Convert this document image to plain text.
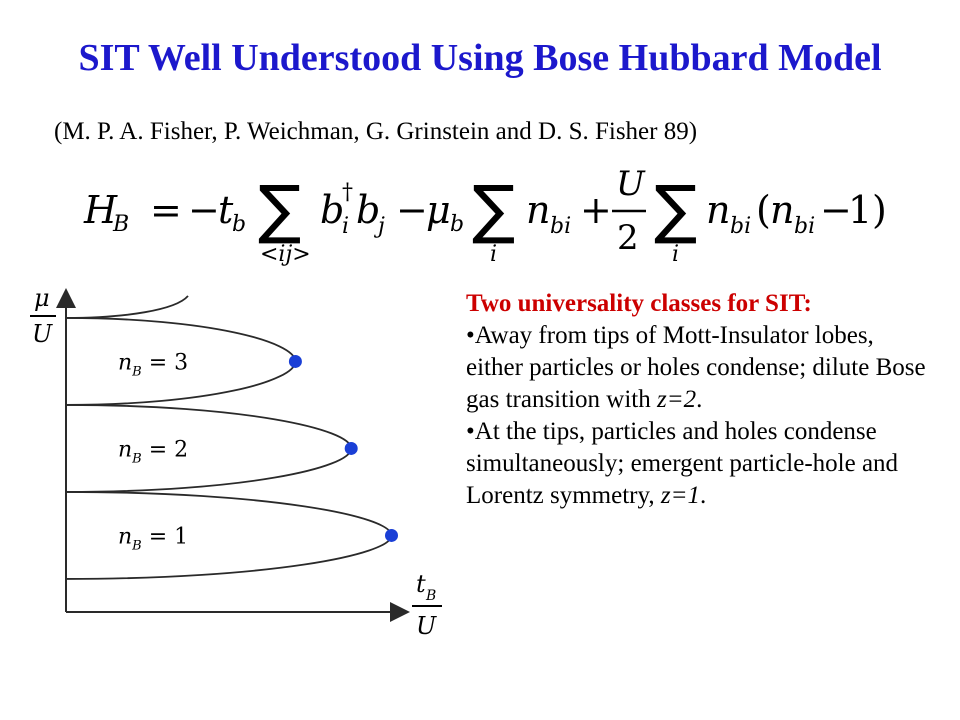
SIT Well Understood Using Bose Hubbard Model
(M. P. A. Fisher, P. Weichman, G. Grinstein and D. S. Fisher 89)
H
B = −
t
b ∑
<ij>
b
†
i b
j −
μ b ∑
i
n bi +
U
2 ∑
i
n bi ( n bi −
1 )
μ
U
t B
U
$n_B = 3$
$n_B = 2$
$n_B = 1$

Two universality classes for SIT:

• Away from tips of Mott-Insulator lobes, either particles or holes condense; dilute Bose gas transition with z=2.

• At the tips, particles and holes condense simultaneously; emergent particle-hole and Lorentz symmetry, z=1.
